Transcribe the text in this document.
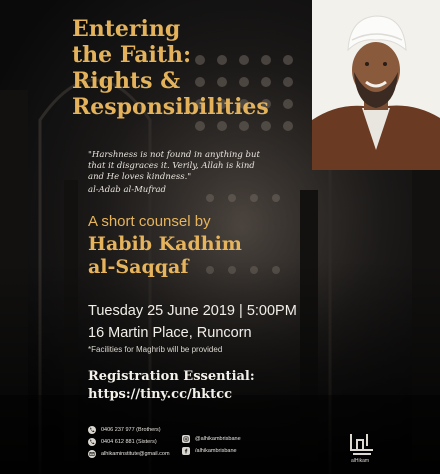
Entering
the Faith:
Rights &
Responsibilities
"Harshness is not found in anything but
that it disgraces it. Verily, Allah is kind
and He loves kindness."
al-Adab al-Mufrad
A short counsel by
Habib Kadhim
al-Saqqaf
Tuesday 25 June 2019 | 5:00PM
16 Martin Place, Runcorn
*Facilities for Maghrib will be provided
Registration Essential:
https://tiny.cc/hktcc
0406 237 977 (Brothers)
0404 612 881 (Sisters)
alhikaminstitute@gmail.com
@alhikambrisbane
/alhikambrisbane
alHikam
